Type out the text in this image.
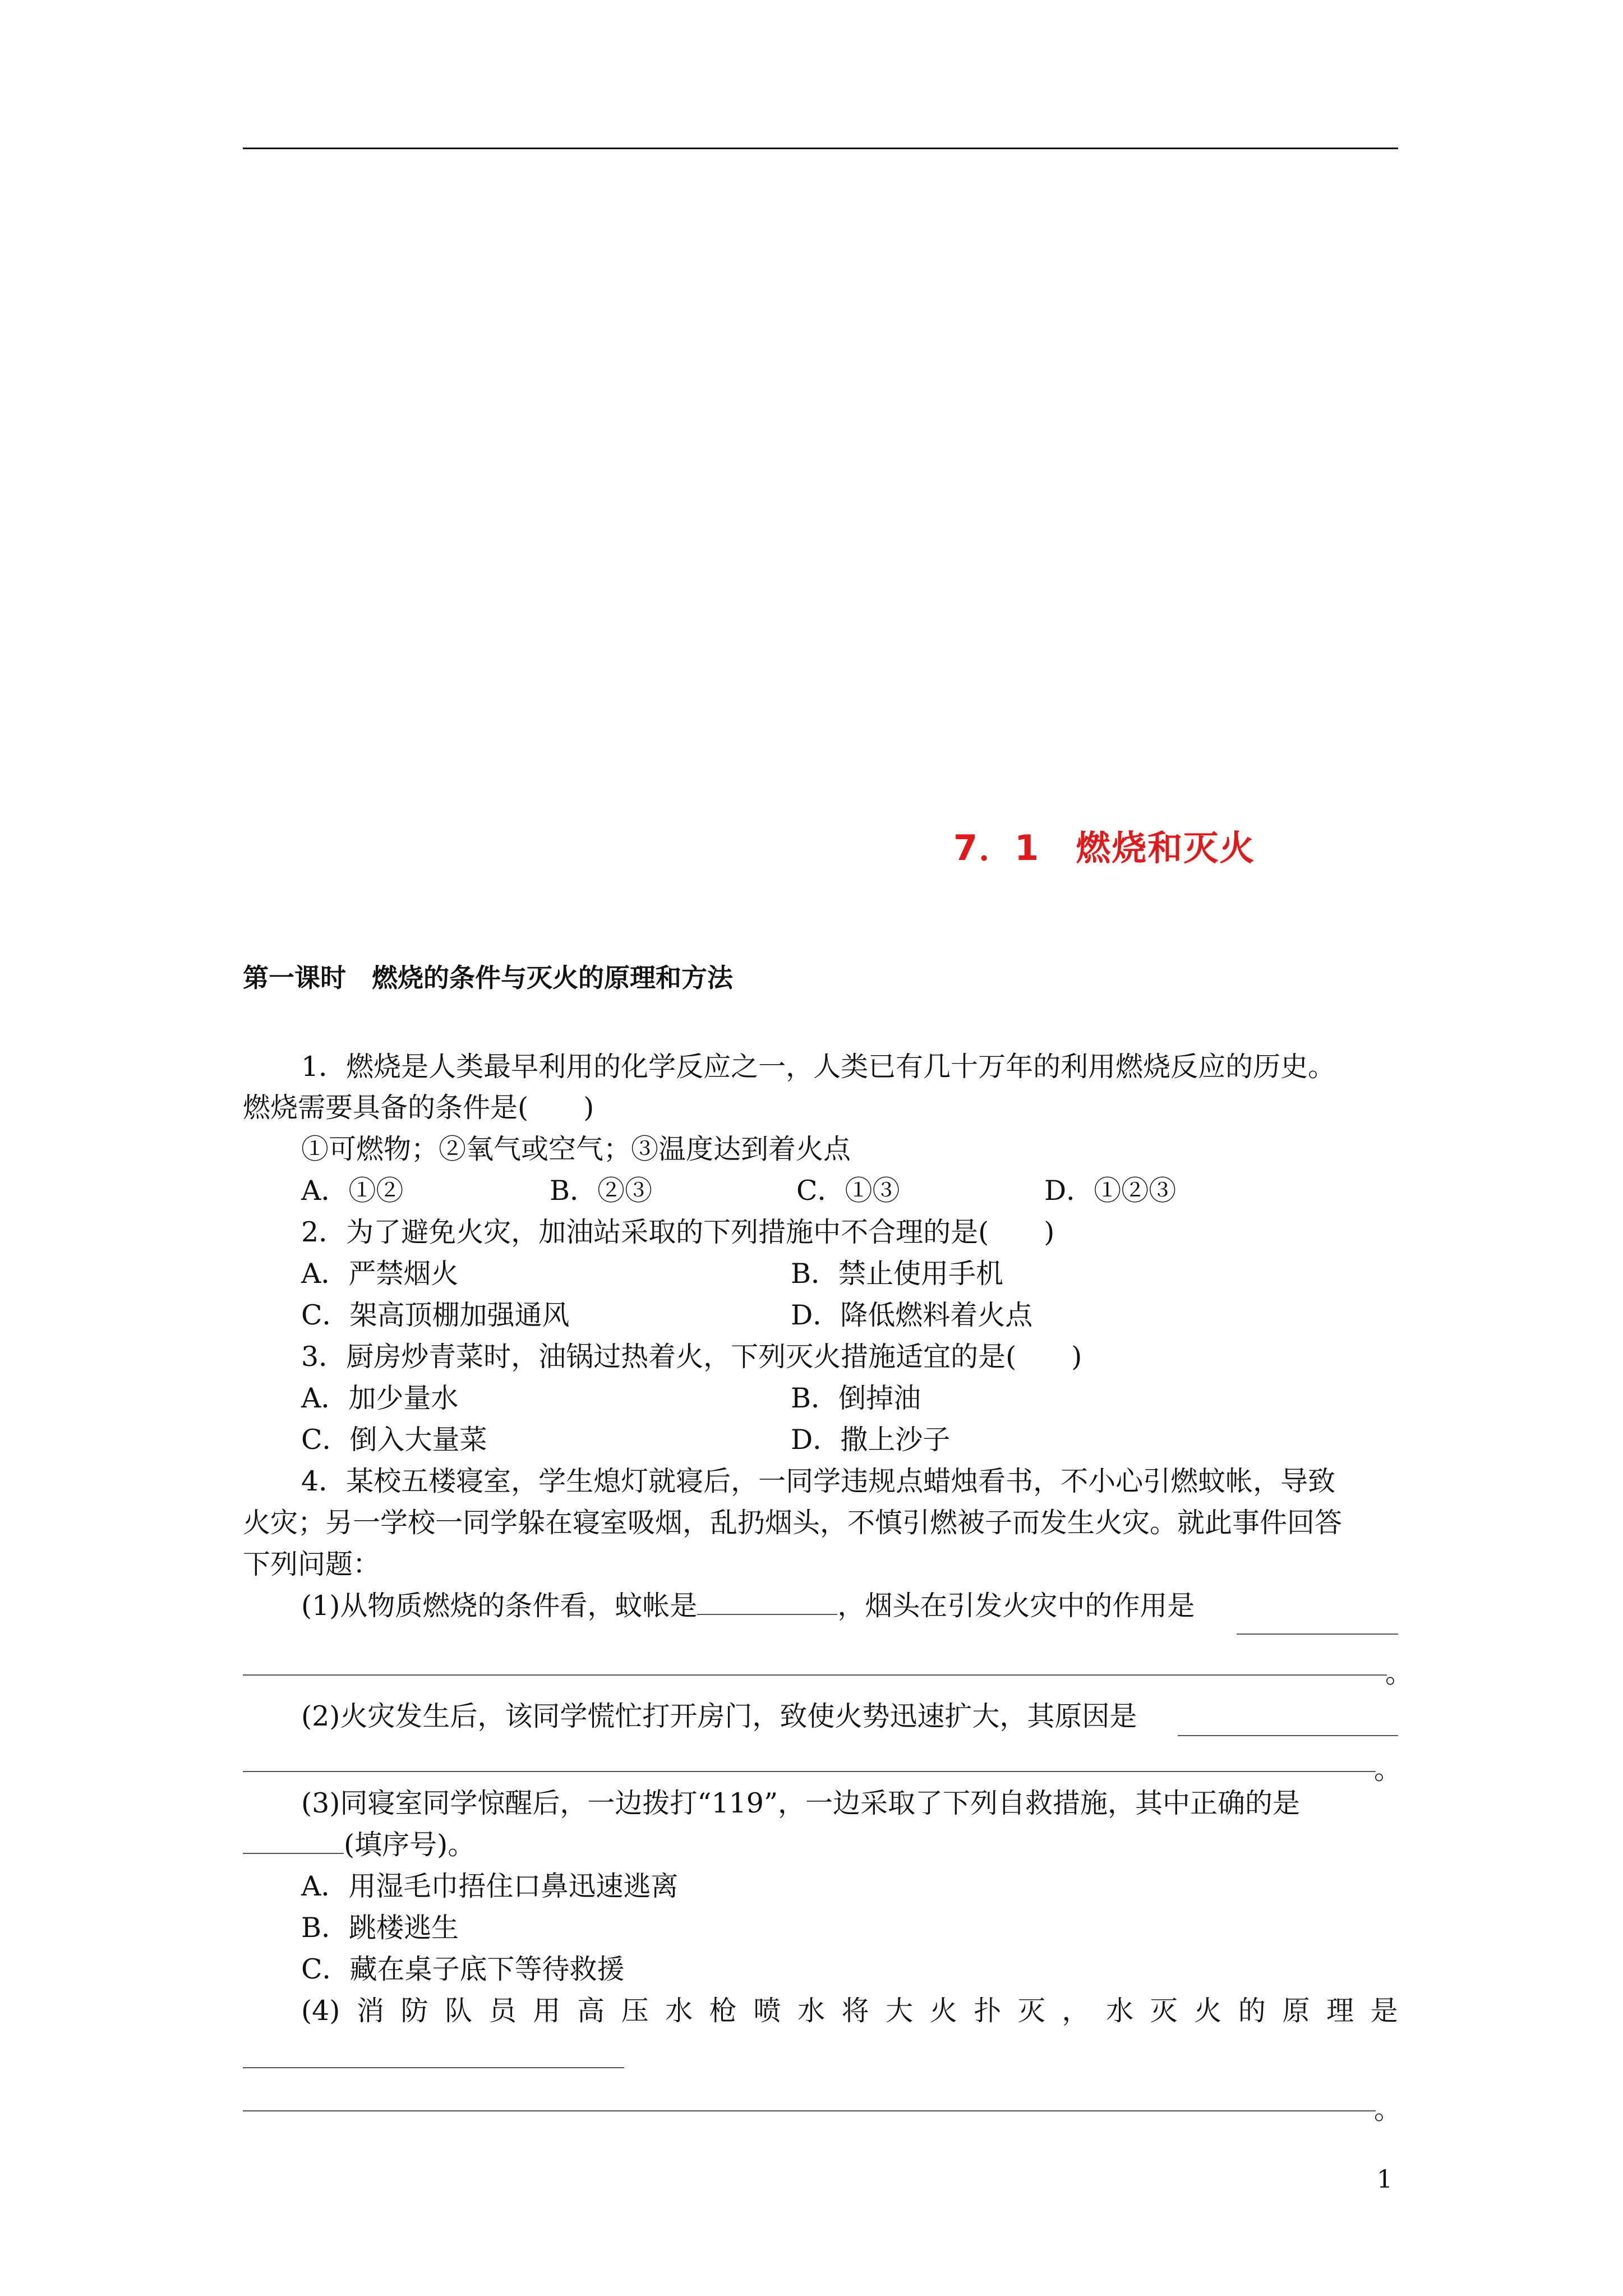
7．1　燃烧和灭火
第一课时　燃烧的条件与灭火的原理和方法
1．燃烧是人类最早利用的化学反应之一，人类已有几十万年的利用燃烧反应的历史。
燃烧需要具备的条件是(　　)
①可燃物；②氧气或空气；③温度达到着火点
A．①②	B．②③	C．①③	D．①②③
2．为了避免火灾，加油站采取的下列措施中不合理的是(　　)
A．严禁烟火	B．禁止使用手机
C．架高顶棚加强通风	D．降低燃料着火点
3．厨房炒青菜时，油锅过热着火，下列灭火措施适宜的是(　　)
A．加少量水	B．倒掉油
C．倒入大量菜	D．撒上沙子
4．某校五楼寝室，学生熄灯就寝后，一同学违规点蜡烛看书，不小心引燃蚊帐，导致
火灾；另一学校一同学躲在寝室吸烟，乱扔烟头，不慎引燃被子而发生火灾。就此事件回答
下列问题：
(1)从物质燃烧的条件看，蚊帐是	，烟头在引发火灾中的作用是
。
(2)火灾发生后，该同学慌忙打开房门，致使火势迅速扩大，其原因是
。
(3)同寝室同学惊醒后，一边拨打“119”，一边采取了下列自救措施，其中正确的是
(填序号)。
A．用湿毛巾捂住口鼻迅速逃离
B．跳楼逃生
C．藏在桌子底下等待救援
(4) 消 防 队 员 用 高 压 水 枪 喷 水 将 大 火 扑 灭 ， 水 灭 火 的 原 理 是
。
1
